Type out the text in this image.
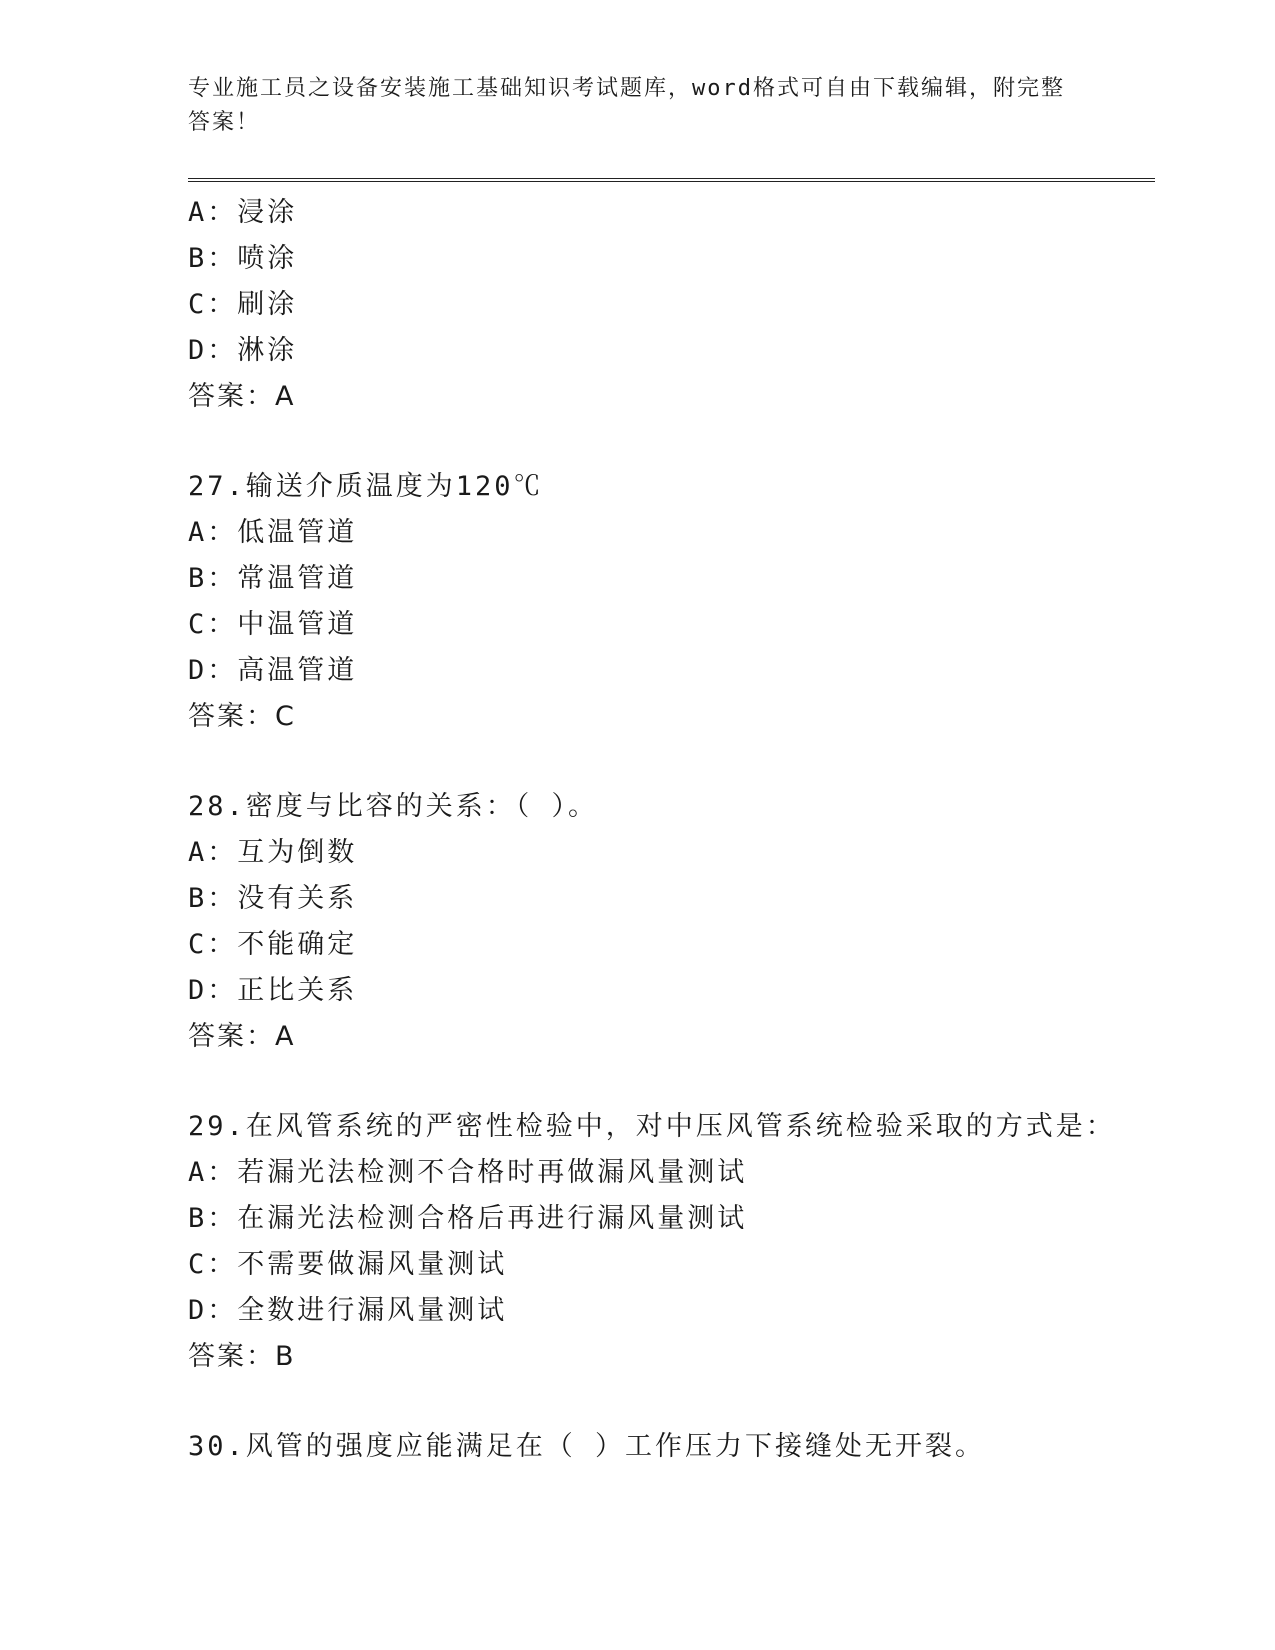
专业施工员之设备安装施工基础知识考试题库，word格式可自由下载编辑，附完整答案！
A：浸涂
B：喷涂
C：刷涂
D：淋涂
答案：A
27.输送介质温度为120℃
A：低温管道
B：常温管道
C：中温管道
D：高温管道
答案：C
28.密度与比容的关系：（ ）。
A：互为倒数
B：没有关系
C：不能确定
D：正比关系
答案：A
29.在风管系统的严密性检验中，对中压风管系统检验采取的方式是：
A：若漏光法检测不合格时再做漏风量测试
B：在漏光法检测合格后再进行漏风量测试
C：不需要做漏风量测试
D：全数进行漏风量测试
答案：B
30.风管的强度应能满足在（ ）工作压力下接缝处无开裂。
